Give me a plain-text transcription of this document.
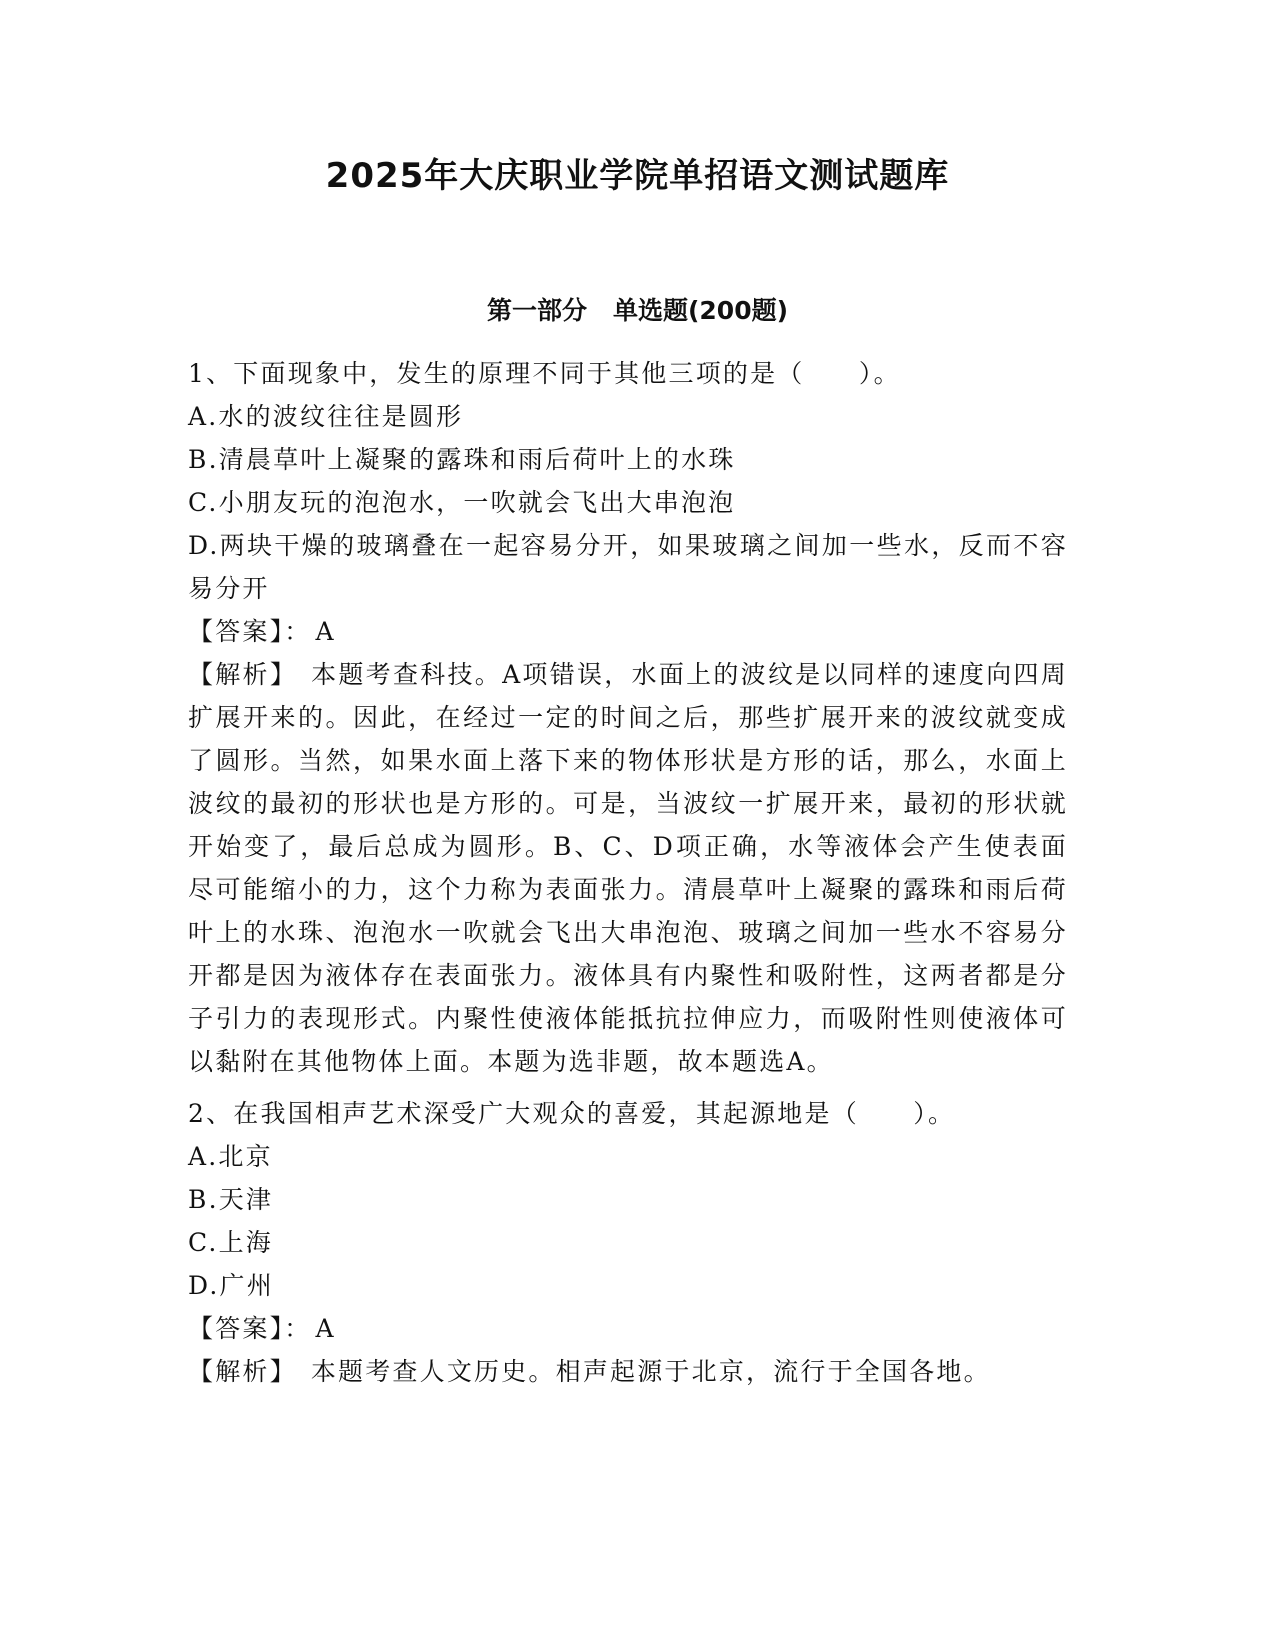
2025年大庆职业学院单招语文测试题库
第一部分 单选题(200题)

1、下面现象中，发生的原理不同于其他三项的是（　　）。

A.水的波纹往往是圆形

B.清晨草叶上凝聚的露珠和雨后荷叶上的水珠

C.小朋友玩的泡泡水，一吹就会飞出大串泡泡

D.两块干燥的玻璃叠在一起容易分开，如果玻璃之间加一些水，反而不容易分开

【答案】： A

【解析】 本题考查科技。A项错误，水面上的波纹是以同样的速度向四周扩展开来的。因此，在经过一定的时间之后，那些扩展开来的波纹就变成了圆形。当然，如果水面上落下来的物体形状是方形的话，那么，水面上波纹的最初的形状也是方形的。可是，当波纹一扩展开来，最初的形状就开始变了，最后总成为圆形。B、C、D项正确，水等液体会产生使表面尽可能缩小的力，这个力称为表面张力。清晨草叶上凝聚的露珠和雨后荷叶上的水珠、泡泡水一吹就会飞出大串泡泡、玻璃之间加一些水不容易分开都是因为液体存在表面张力。液体具有内聚性和吸附性，这两者都是分子引力的表现形式。内聚性使液体能抵抗拉伸应力，而吸附性则使液体可以黏附在其他物体上面。本题为选非题，故本题选A。

2、在我国相声艺术深受广大观众的喜爱，其起源地是（　　）。

A.北京

B.天津

C.上海

D.广州

【答案】： A

【解析】 本题考查人文历史。相声起源于北京，流行于全国各地。
